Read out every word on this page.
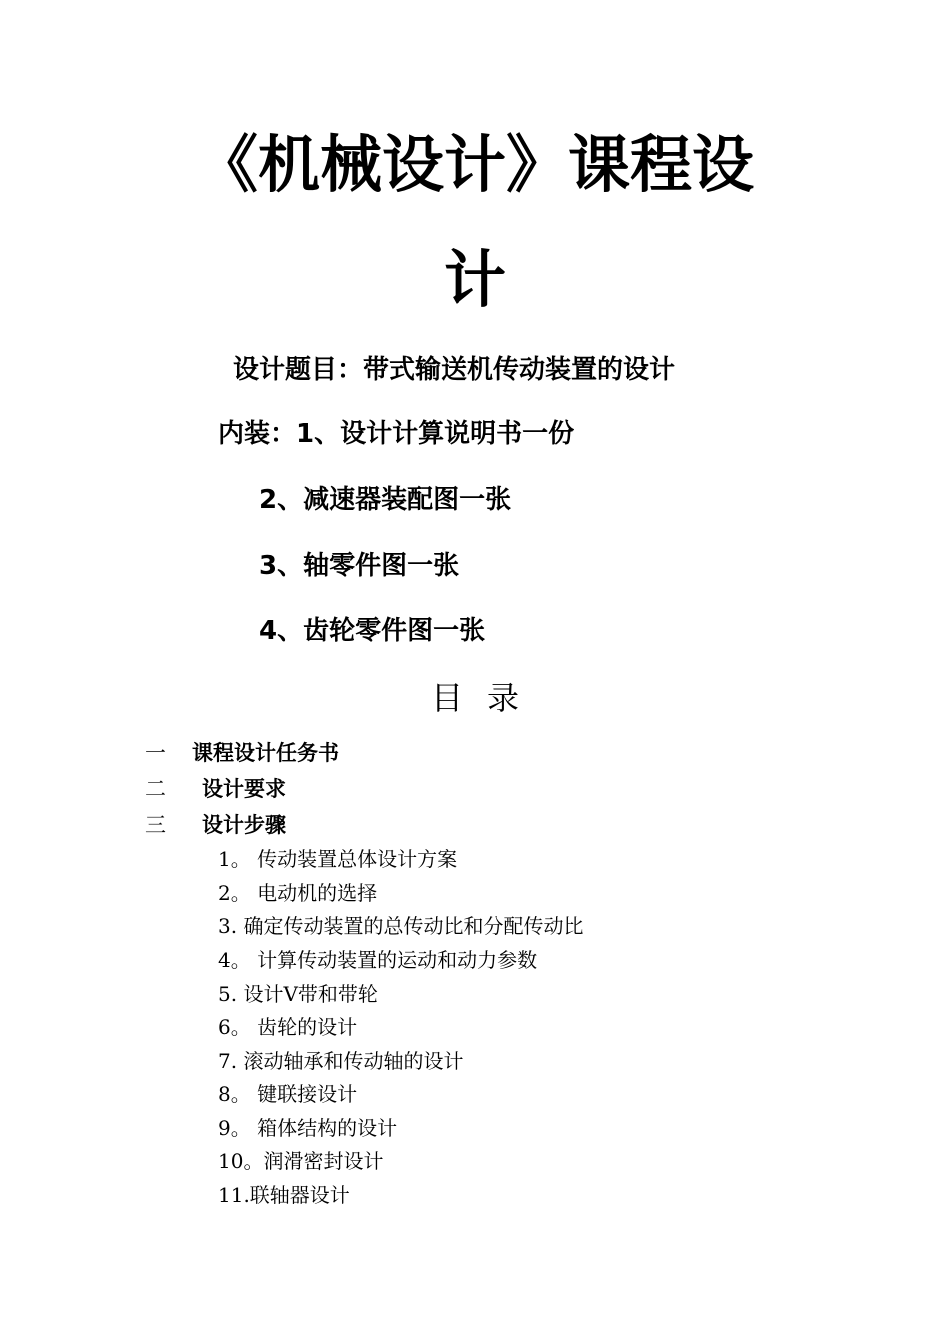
《机械设计》课程设
计
设计题目：带式输送机传动装置的设计
内装：1、设计计算说明书一份
2、减速器装配图一张
3、轴零件图一张
4、齿轮零件图一张
目录
一 课程设计任务书
二 设计要求
三 设计步骤
1。 传动装置总体设计方案
2。 电动机的选择
3. 确定传动装置的总传动比和分配传动比
4。 计算传动装置的运动和动力参数
5. 设计V带和带轮
6。 齿轮的设计
7. 滚动轴承和传动轴的设计
8。 键联接设计
9。 箱体结构的设计
10。润滑密封设计
11.联轴器设计
